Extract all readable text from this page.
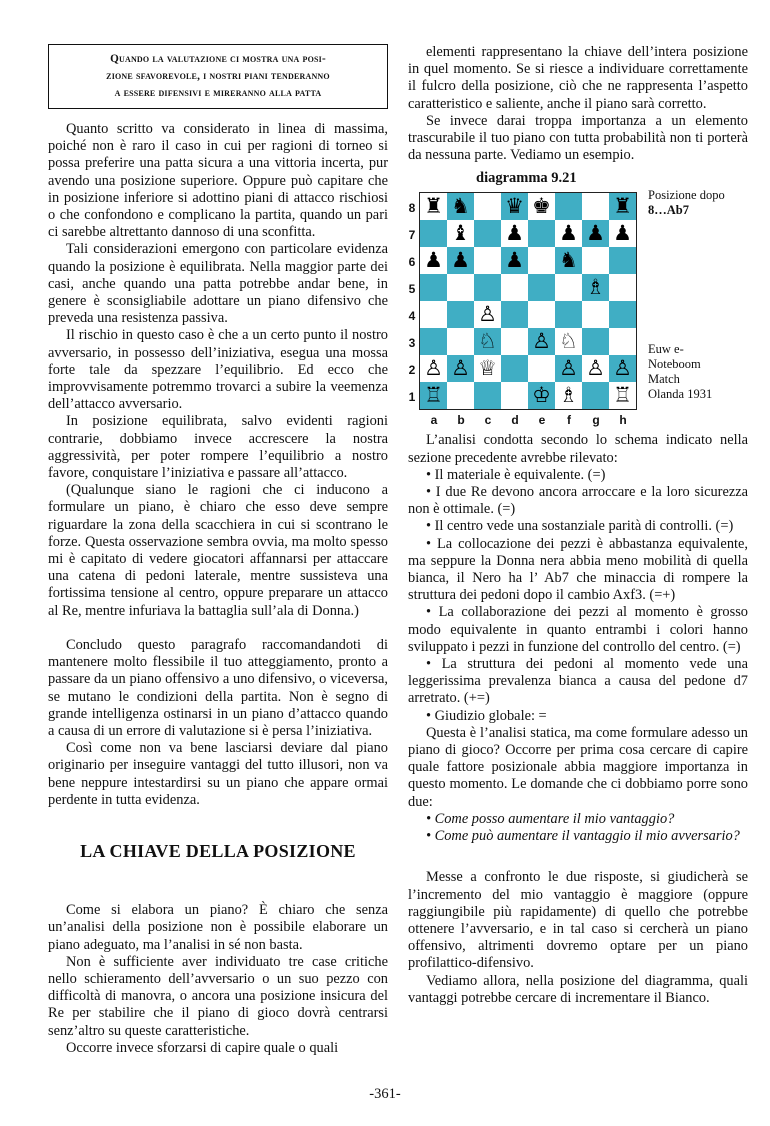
Quando la valutazione ci mostra una posi-
zione sfavorevole, i nostri piani tenderanno
a essere difensivi e mireranno alla patta

Quanto scritto va considerato in linea di massima, poiché non è raro il caso in cui per ragioni di torneo si possa preferire una patta sicura a una vittoria incerta, pur avendo una posizione superiore. Oppure può capitare che in posizione inferiore si adottino piani di attacco rischiosi o che confondono e complicano la partita, quando un pari ci sarebbe altrettanto dannoso di una sconfitta.

Tali considerazioni emergono con particolare evidenza quando la posizione è equilibrata. Nella maggior parte dei casi, anche quando una patta potrebbe andar bene, in genere è sconsigliabile adottare un piano difensivo che preveda una resistenza passiva.

Il rischio in questo caso è che a un certo punto il nostro avversario, in possesso dell’iniziativa, esegua una mossa forte tale da spezzare l’equilibrio. Ed ecco che improvvisamente potremmo trovarci a subire la veemenza dell’attacco avversario.

In posizione equilibrata, salvo evidenti ragioni contrarie, dobbiamo invece accrescere la nostra aggressività, per poter rompere l’equilibrio a nostro favore, conquistare l’iniziativa e passare all’attacco.

(Qualunque siano le ragioni che ci inducono a formulare un piano, è chiaro che esso deve sempre riguardare la zona della scacchiera in cui si scontrano le forze. Questa osservazione sembra ovvia, ma molto spesso mi è capitato di vedere giocatori affannarsi per attaccare una catena di pedoni laterale, mentre sussisteva una fortissima tensione al centro, oppure preparare un attacco al Re, mentre infuriava la battaglia sull’ala di Donna.)

Concludo questo paragrafo raccomandandoti di mantenere molto flessibile il tuo atteggiamento, pronto a passare da un piano offensivo a uno difensivo, o viceversa, se mutano le condizioni della partita. Non è segno di grande intelligenza ostinarsi in un piano d’attacco quando a causa di un errore di valutazione si è persa l’iniziativa.

Così come non va bene lasciarsi deviare dal piano originario per inseguire vantaggi del tutto illusori, non va bene neppure intestardirsi su un piano che appare ormai perdente in tutta evidenza.

LA CHIAVE DELLA POSIZIONE

Come si elabora un piano? È chiaro che senza un’analisi della posizione non è possibile elaborare un piano adeguato, ma l’analisi in sé non basta.

Non è sufficiente aver individuato tre case critiche nello schieramento dell’avversario o un suo pezzo con difficoltà di manovra, o ancora una posizione insicura del Re per stabilire che il piano di gioco dovrà centrarsi senz’altro su queste caratteristiche.

Occorre invece sforzarsi di capire quale o quali

elementi rappresentano la chiave dell’intera posizione in quel momento. Se si riesce a individuare correttamente il fulcro della posizione, ciò che ne rappresenta l’aspetto caratteristico e saliente, anche il piano sarà corretto.

Se invece darai troppa importanza a un elemento trascurabile il tuo piano con tutta probabilità non ti porterà da nessuna parte. Vediamo un esempio.

diagramma 9.21
♜ ♞ ♛ ♚	♜
♝ ♟ ♟ ♟ ♟
♟ ♟ ♟ ♞
♗
♙
♘ ♙ ♘
♙ ♙ ♕	♙ ♙ ♙
♖	♔ ♗ ♖
8
7
6
5
4
3
2
1
a	b	c	d	e	f	g	h
Posizione dopo
8…Ab7
Euw e-
Noteboom
Match
Olanda 1931

L’analisi condotta secondo lo schema indicato nella sezione precedente avrebbe rilevato:

• Il materiale è equivalente. (=)

• I due Re devono ancora arroccare e la loro sicurezza non è ottimale. (=)

• Il centro vede una sostanziale parità di controlli. (=)

• La collocazione dei pezzi è abbastanza equivalente, ma seppure la Donna nera abbia meno mobilità di quella bianca, il Nero ha l’ Ab7 che minaccia di rompere la struttura dei pedoni dopo il cambio Axf3. (=+)

• La collaborazione dei pezzi al momento è grosso modo equivalente in quanto entrambi i colori hanno sviluppato i pezzi in funzione del controllo del centro. (=)

• La struttura dei pedoni al momento vede una leggerissima prevalenza bianca a causa del pedone d7 arretrato. (+=)

• Giudizio globale: =

Questa è l’analisi statica, ma come formulare adesso un piano di gioco? Occorre per prima cosa cercare di capire quale fattore posizionale abbia maggiore importanza in questo momento. Le domande che ci dobbiamo porre sono due:

• Come posso aumentare il mio vantaggio?

• Come può aumentare il vantaggio il mio avversario?

Messe a confronto le due risposte, si giudicherà se l’incremento del mio vantaggio è maggiore (oppure raggiungibile più rapidamente) di quello che potrebbe ottenere l’avversario, e in tal caso si cercherà un piano offensivo, altrimenti dovremo optare per un piano profilattico-difensivo.

Vediamo allora, nella posizione del diagramma, quali vantaggi potrebbe cercare di incrementare il Bianco.

-361-
